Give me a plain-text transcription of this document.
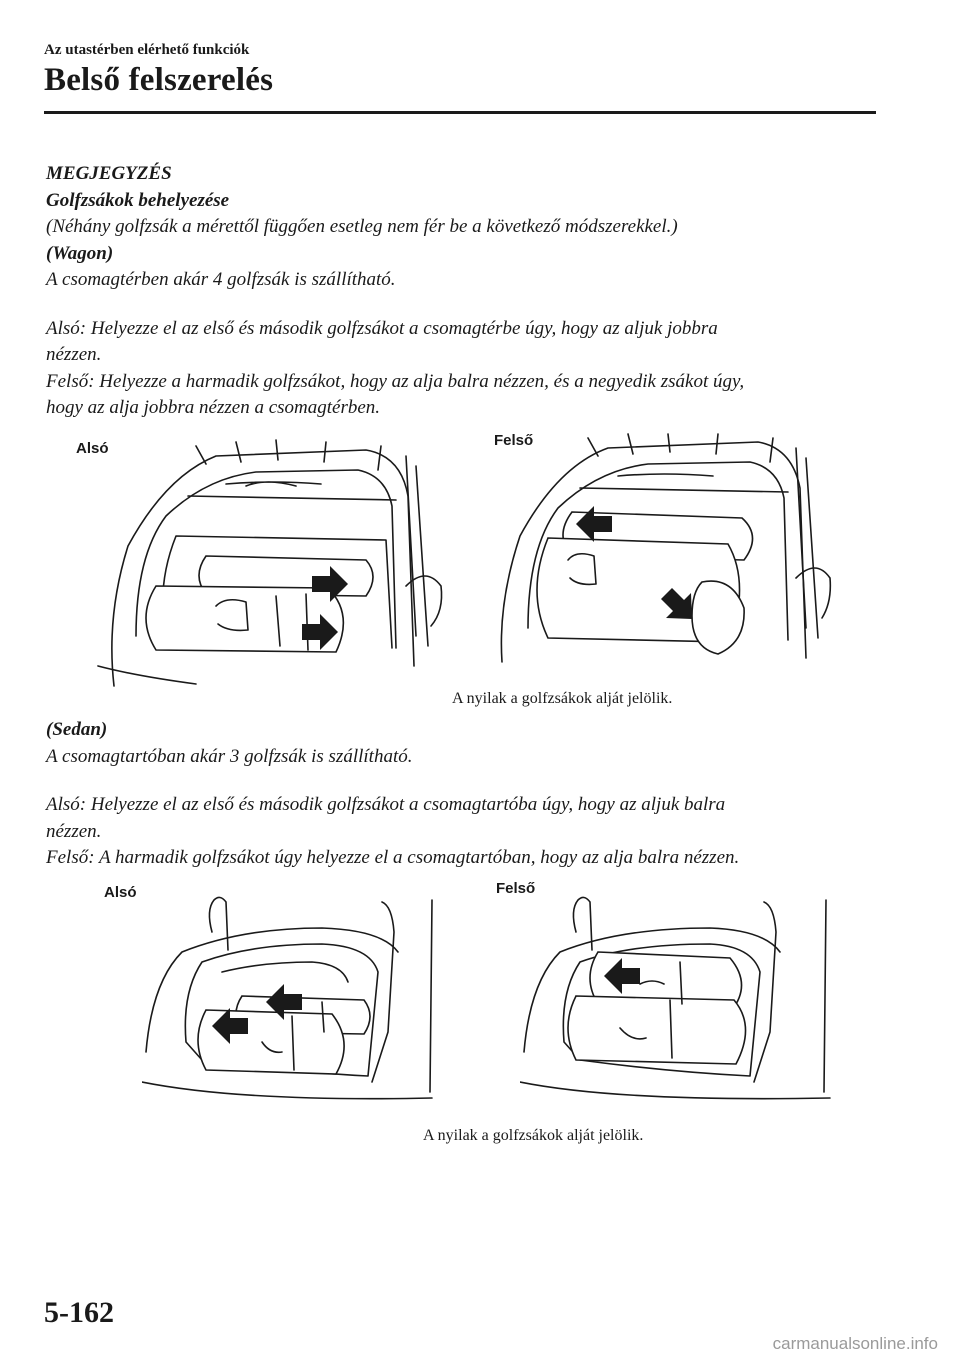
Az utastérben elérhető funkciók
Belső felszerelés

MEGJEGYZÉS

Golfzsákok behelyezése

(Néhány golfzsák a mérettől függően esetleg nem fér be a következő módszerekkel.)

(Wagon)

A csomagtérben akár 4 golfzsák is szállítható.

Alsó: Helyezze el az első és második golfzsákot a csomagtérbe úgy, hogy az aljuk jobbra

nézzen.

Felső: Helyezze a harmadik golfzsákot, hogy az alja balra nézzen, és a negyedik zsákot úgy,

hogy az alja jobbra nézzen a csomagtérben.

Alsó	Felső
A nyilak a golfzsákok alját jelölik.

(Sedan)

A csomagtartóban akár 3 golfzsák is szállítható.

Alsó: Helyezze el az első és második golfzsákot a csomagtartóba úgy, hogy az aljuk balra

nézzen.

Felső: A harmadik golfzsákot úgy helyezze el a csomagtartóban, hogy az alja balra nézzen.

Alsó	Felső
A nyilak a golfzsákok alját jelölik.
5-162
carmanualsonline.info
